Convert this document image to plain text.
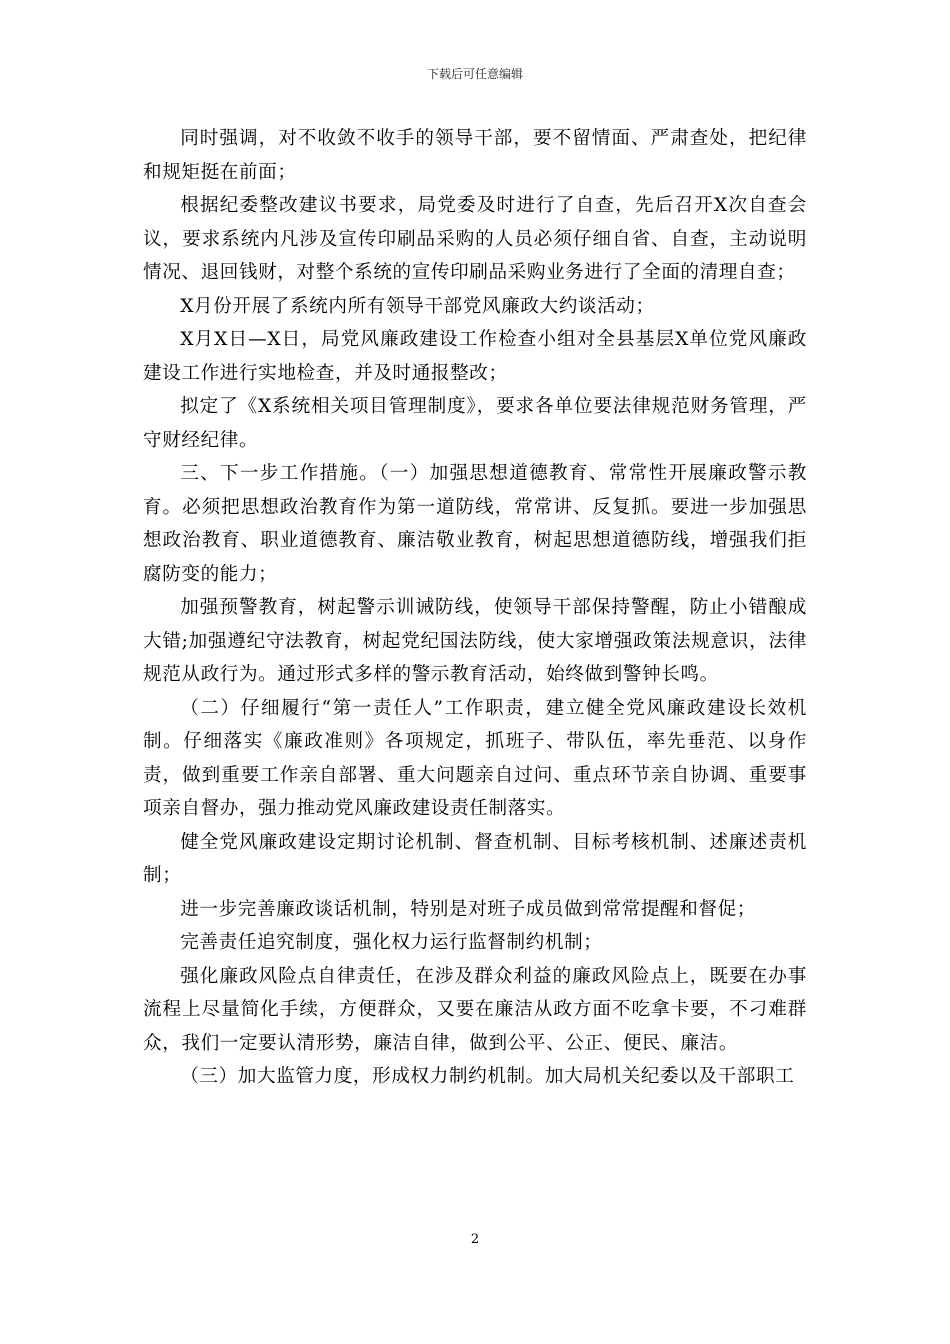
下载后可任意编辑

同时强调，对不收敛不收手的领导干部，要不留情面、严肃查处，把纪律和规矩挺在前面；

根据纪委整改建议书要求，局党委及时进行了自查，先后召开X次自查会议，要求系统内凡涉及宣传印刷品采购的人员必须仔细自省、自查，主动说明情况、退回钱财，对整个系统的宣传印刷品采购业务进行了全面的清理自查；

X月份开展了系统内所有领导干部党风廉政大约谈活动；

X月X日—X日，局党风廉政建设工作检查小组对全县基层X单位党风廉政建设工作进行实地检查，并及时通报整改；

拟定了《X系统相关项目管理制度》，要求各单位要法律规范财务管理，严守财经纪律。

三、下一步工作措施。（一）加强思想道德教育、常常性开展廉政警示教育。必须把思想政治教育作为第一道防线，常常讲、反复抓。要进一步加强思想政治教育、职业道德教育、廉洁敬业教育，树起思想道德防线，增强我们拒腐防变的能力；

加强预警教育，树起警示训诫防线，使领导干部保持警醒，防止小错酿成大错;加强遵纪守法教育，树起党纪国法防线，使大家增强政策法规意识，法律规范从政行为。通过形式多样的警示教育活动，始终做到警钟长鸣。

（二）仔细履行“第一责任人”工作职责，建立健全党风廉政建设长效机制。仔细落实《廉政准则》各项规定，抓班子、带队伍，率先垂范、以身作责，做到重要工作亲自部署、重大问题亲自过问、重点环节亲自协调、重要事项亲自督办，强力推动党风廉政建设责任制落实。

健全党风廉政建设定期讨论机制、督查机制、目标考核机制、述廉述责机制；

进一步完善廉政谈话机制，特别是对班子成员做到常常提醒和督促；

完善责任追究制度，强化权力运行监督制约机制；

强化廉政风险点自律责任，在涉及群众利益的廉政风险点上，既要在办事流程上尽量简化手续，方便群众，又要在廉洁从政方面不吃拿卡要，不刁难群众，我们一定要认清形势，廉洁自律，做到公平、公正、便民、廉洁。

（三）加大监管力度，形成权力制约机制。加大局机关纪委以及干部职工

2
